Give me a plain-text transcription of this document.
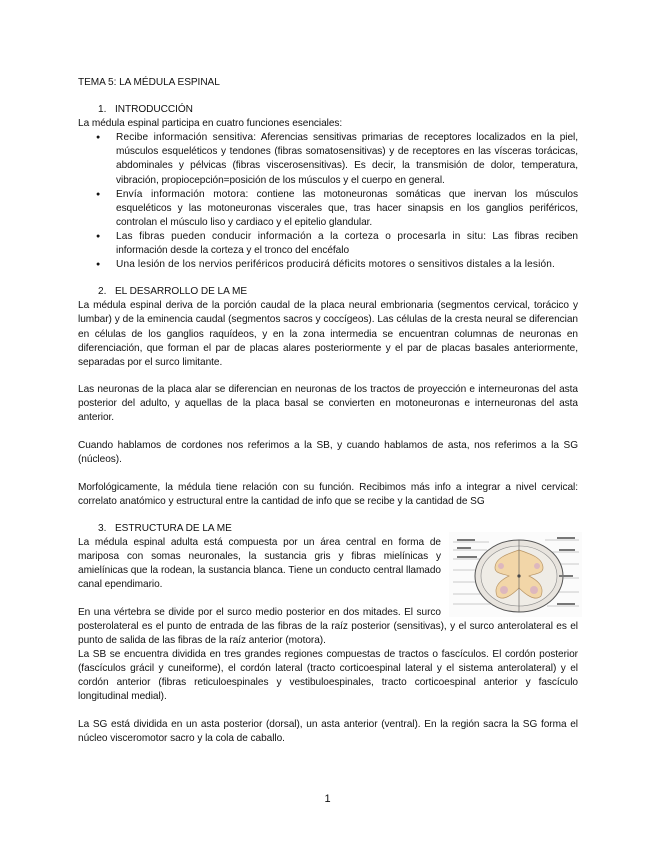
TEMA 5: LA MÉDULA ESPINAL
1. INTRODUCCIÓN

La médula espinal participa en cuatro funciones esenciales:

● Recibe información sensitiva: Aferencias sensitivas primarias de receptores localizados en la piel, músculos esqueléticos y tendones (fibras somatosensitivas) y de receptores en las vísceras torácicas, abdominales y pélvicas (fibras viscerosensitivas). Es decir, la transmisión de dolor, temperatura, vibración, propiocepción=posición de los músculos y el cuerpo en general.
● Envía información motora: contiene las motoneuronas somáticas que inervan los músculos esqueléticos y las motoneuronas viscerales que, tras hacer sinapsis en los ganglios periféricos, controlan el músculo liso y cardiaco y el epitelio glandular.
● Las fibras pueden conducir información a la corteza o procesarla in situ: Las fibras reciben información desde la corteza y el tronco del encéfalo
● Una lesión de los nervios periféricos producirá déficits motores o sensitivos distales a la lesión.
2. EL DESARROLLO DE LA ME

La médula espinal deriva de la porción caudal de la placa neural embrionaria (segmentos cervical, torácico y lumbar) y de la eminencia caudal (segmentos sacros y coccígeos). Las células de la cresta neural se diferencian en células de los ganglios raquídeos, y en la zona intermedia se encuentran columnas de neuronas en diferenciación, que forman el par de placas alares posteriormente y el par de placas basales anteriormente, separadas por el surco limitante.

Las neuronas de la placa alar se diferencian en neuronas de los tractos de proyección e interneuronas del asta posterior del adulto, y aquellas de la placa basal se convierten en motoneuronas e interneuronas del asta anterior.

Cuando hablamos de cordones nos referimos a la SB, y cuando hablamos de asta, nos referimos a la SG (núcleos).

Morfológicamente, la médula tiene relación con su función. Recibimos más info a integrar a nivel cervical: correlato anatómico y estructural entre la cantidad de info que se recibe y la cantidad de SG

3. ESTRUCTURA DE LA ME

La médula espinal adulta está compuesta por un área central en forma de mariposa con somas neuronales, la sustancia gris y fibras mielínicas y amielínicas que la rodean, la sustancia blanca. Tiene un conducto central llamado canal ependimario.

En una vértebra se divide por el surco medio posterior en dos mitades. El surco posterolateral es el punto de entrada de las fibras de la raíz posterior (sensitivas), y el surco anterolateral es el punto de salida de las fibras de la raíz anterior (motora).

La SB se encuentra dividida en tres grandes regiones compuestas de tractos o fascículos. El cordón posterior (fascículos grácil y cuneiforme), el cordón lateral (tracto corticoespinal lateral y el sistema anterolateral) y el cordón anterior (fibras reticuloespinales y vestibuloespinales, tracto corticoespinal anterior y fascículo longitudinal medial).

La SG está dividida en un asta posterior (dorsal), un asta anterior (ventral). En la región sacra la SG forma el núcleo visceromotor sacro y la cola de caballo.

1
